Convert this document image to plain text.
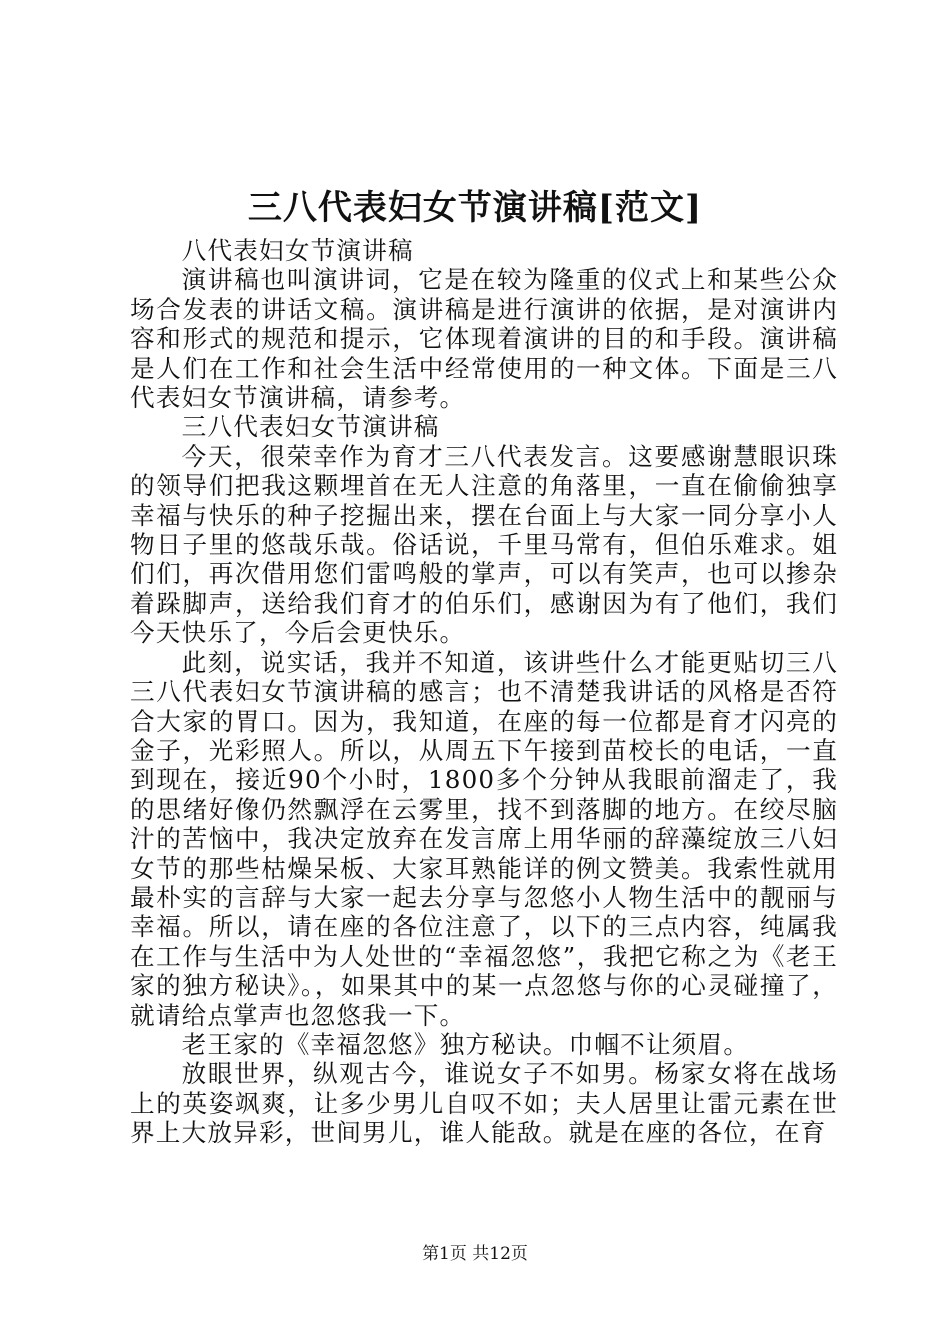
三八代表妇女节演讲稿[范文]

八代表妇女节演讲稿

演讲稿也叫演讲词，它是在较为隆重的仪式上和某些公众场合发表的讲话文稿。演讲稿是进行演讲的依据，是对演讲内容和形式的规范和提示，它体现着演讲的目的和手段。演讲稿是人们在工作和社会生活中经常使用的一种文体。下面是三八代表妇女节演讲稿，请参考。

三八代表妇女节演讲稿

今天，很荣幸作为育才三八代表发言。这要感谢慧眼识珠的领导们把我这颗埋首在无人注意的角落里，一直在偷偷独享幸福与快乐的种子挖掘出来，摆在台面上与大家一同分享小人物日子里的悠哉乐哉。俗话说，千里马常有，但伯乐难求。姐们们，再次借用您们雷鸣般的掌声，可以有笑声，也可以掺杂着跺脚声，送给我们育才的伯乐们，感谢因为有了他们，我们今天快乐了，今后会更快乐。

此刻，说实话，我并不知道，该讲些什么才能更贴切三八三八代表妇女节演讲稿的感言；也不清楚我讲话的风格是否符合大家的胃口。因为，我知道，在座的每一位都是育才闪亮的金子，光彩照人。所以，从周五下午接到苗校长的电话，一直到现在，接近90个小时，1800多个分钟从我眼前溜走了，我的思绪好像仍然飘浮在云雾里，找不到落脚的地方。在绞尽脑汁的苦恼中，我决定放弃在发言席上用华丽的辞藻绽放三八妇女节的那些枯燥呆板、大家耳熟能详的例文赞美。我索性就用最朴实的言辞与大家一起去分享与忽悠小人物生活中的靓丽与幸福。所以，请在座的各位注意了，以下的三点内容，纯属我在工作与生活中为人处世的“幸福忽悠”，我把它称之为《老王家的独方秘诀》。，如果其中的某一点忽悠与你的心灵碰撞了，就请给点掌声也忽悠我一下。

老王家的《幸福忽悠》独方秘诀。巾帼不让须眉。

放眼世界，纵观古今，谁说女子不如男。杨家女将在战场上的英姿飒爽，让多少男儿自叹不如；夫人居里让雷元素在世界上大放异彩，世间男儿，谁人能敌。就是在座的各位，在育

第1页 共12页
